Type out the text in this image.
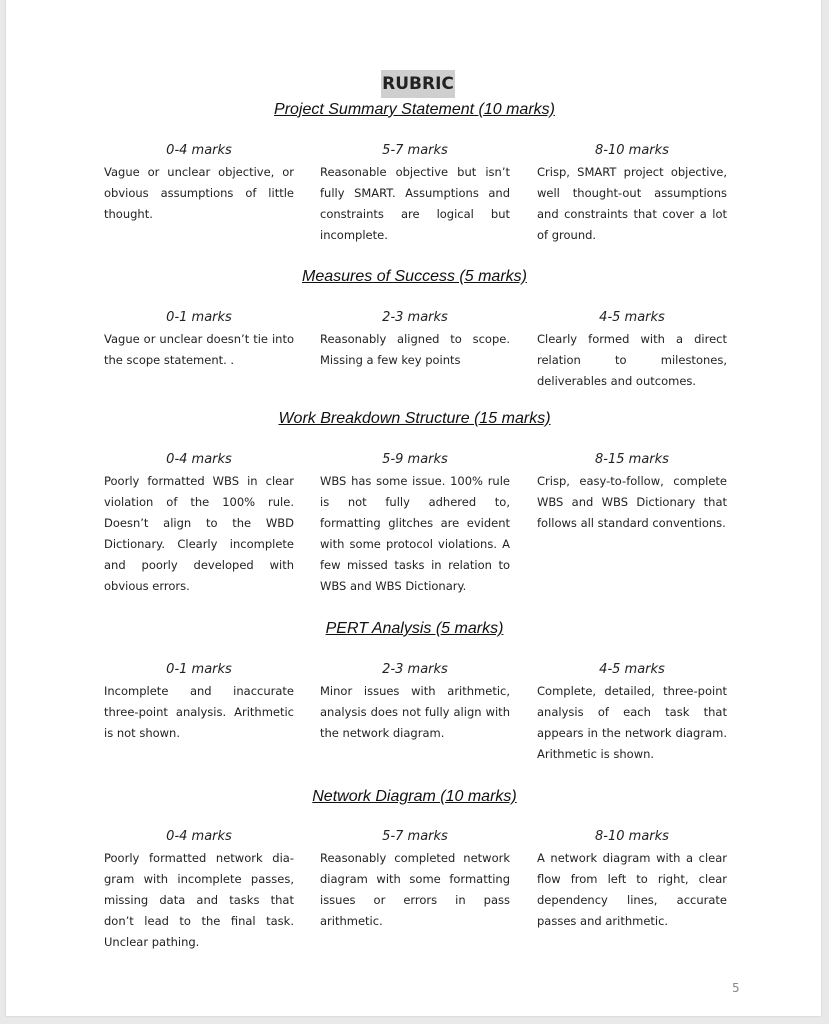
RUBRIC
Project Summary Statement (10 marks)
0-4 marks
Vague or unclear objective, or obvious assumptions of little thought.
5-7 marks
Reasonable objective but isn’t fully SMART. Assumptions and constraints are logical but incomplete.
8-10 marks
Crisp, SMART project objective, well thought-out assumptions and constraints that cover a lot of ground.
Measures of Success (5 marks)
0-1 marks
Vague or unclear doesn’t tie into the scope statement. .
2-3 marks
Reasonably aligned to scope. Missing a few key points
4-5 marks
Clearly formed with a direct relation to milestones, deliverables and outcomes.
Work Breakdown Structure (15 marks)
0-4 marks
Poorly formatted WBS in clear violation of the 100% rule. Doesn’t align to the WBD Dictionary. Clearly incomplete and poorly developed with obvious errors.
5-9 marks
WBS has some issue. 100% rule is not fully adhered to, formatting glitches are evident with some protocol violations. A few missed tasks in relation to WBS and WBS Dictionary.
8-15 marks
Crisp, easy-to-follow, complete WBS and WBS Dictionary that follows all standard conventions.
PERT Analysis (5 marks)
0-1 marks
Incomplete and inaccurate three-point analysis. Arithmetic is not shown.
2-3 marks
Minor issues with arithmetic, analysis does not fully align with the network diagram.
4-5 marks
Complete, detailed, three-point analysis of each task that appears in the network diagram. Arithmetic is shown.
Network Diagram (10 marks)
0-4 marks
Poorly formatted network dia-gram with incomplete passes, missing data and tasks that don’t lead to the final task. Unclear pathing.
5-7 marks
Reasonably completed network diagram with some formatting issues or errors in pass arithmetic.
8-10 marks
A network diagram with a clear flow from left to right, clear dependency lines, accurate passes and arithmetic.
5
